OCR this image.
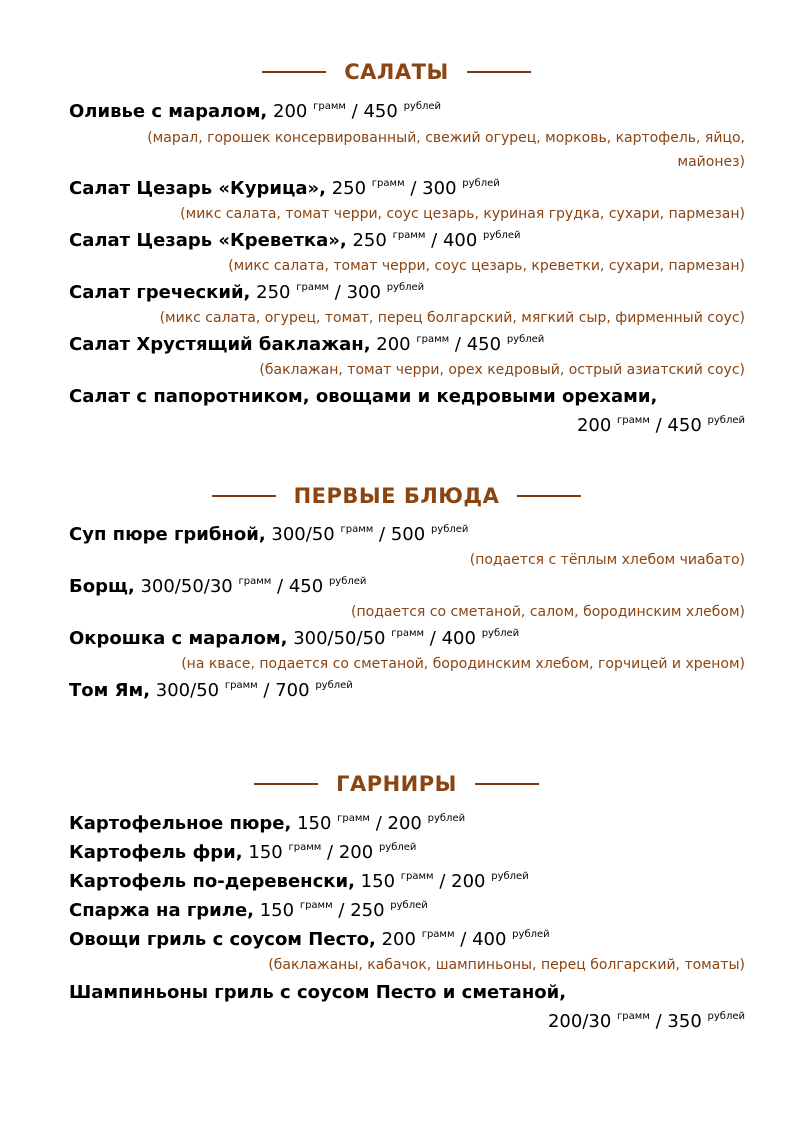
САЛАТЫ
Оливье с маралом, 200 $^{грамм}$ / 450 $^{рублей}$
(марал, горошек консервированный, свежий огурец, морковь, картофель, яйцо,
майонез)
Салат Цезарь «Курица», 250 $^{грамм}$ / 300 $^{рублей}$
(микс салата, томат черри, соус цезарь, куриная грудка, сухари, пармезан)
Салат Цезарь «Креветка», 250 $^{грамм}$ / 400 $^{рублей}$
(микс салата, томат черри, соус цезарь, креветки, сухари, пармезан)
Салат греческий, 250 $^{грамм}$ / 300 $^{рублей}$
(микс салата, огурец, томат, перец болгарский, мягкий сыр, фирменный соус)
Салат Хрустящий баклажан, 200 $^{грамм}$ / 450 $^{рублей}$
(баклажан, томат черри, орех кедровый, острый азиатский соус)
Салат с папоротником, овощами и кедровыми орехами,
200 $^{грамм}$ / 450 $^{рублей}$
ПЕРВЫЕ БЛЮДА
Суп пюре грибной, 300/50 $^{грамм}$ / 500 $^{рублей}$
(подается с тёплым хлебом чиабато)
Борщ, 300/50/30 $^{грамм}$ / 450 $^{рублей}$
(подается со сметаной, салом, бородинским хлебом)
Окрошка с маралом, 300/50/50 $^{грамм}$ / 400 $^{рублей}$
(на квасе, подается со сметаной, бородинским хлебом, горчицей и хреном)
Том Ям, 300/50 $^{грамм}$ / 700 $^{рублей}$
ГАРНИРЫ
Картофельное пюре, 150 $^{грамм}$ / 200 $^{рублей}$
Картофель фри, 150 $^{грамм}$ / 200 $^{рублей}$
Картофель по-деревенски, 150 $^{грамм}$ / 200 $^{рублей}$
Спаржа на гриле, 150 $^{грамм}$ / 250 $^{рублей}$
Овощи гриль с соусом Песто, 200 $^{грамм}$ / 400 $^{рублей}$
(баклажаны, кабачок, шампиньоны, перец болгарский, томаты)
Шампиньоны гриль с соусом Песто и сметаной,
200/30 $^{грамм}$ / 350 $^{рублей}$
